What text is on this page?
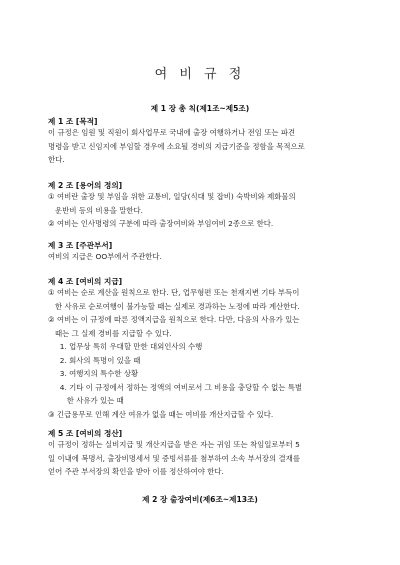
여 비 규 정
제 1 장 총 칙(제1조~제5조)
제 1 조 [목적]
이 규정은 임원 및 직원이 회사업무로 국내에 출장 여행하거나 전임 또는 파견
명령을 받고 신임지에 부임할 경우에 소요될 경비의 지급기준을 정함을 목적으로
한다.
제 2 조 [용어의 정의]
① 여비란 출장 및 부임을 위한 교통비, 일당(식대 및 잡비) 숙박비와 제화물의
운반비 등의 비용을 말한다.
② 여비는 인사명령의 구분에 따라 출장여비와 부임여비 2종으로 한다.
제 3 조 [주관부서]
여비의 지급은 OO부에서 주관한다.
제 4 조 [여비의 지급]
① 여비는 순로 계산을 원칙으로 한다. 단, 업무형편 또는 천재지변 기타 부득이
한 사유로 순로여행이 불가능할 때는 실제로 경과하는 노정에 따라 계산한다.
② 여비는 이 규정에 따른 정액지급을 원칙으로 한다. 다만, 다음의 사유가 있는
때는 그 실제 경비를 지급할 수 있다.
1. 업무상 특히 우대할 만한 대외인사의 수행
2. 회사의 특명이 있을 때
3. 여행지의 특수한 상황
4. 기타 이 규정에서 정하는 정액의 여비로서 그 비용을 충당할 수 없는 특별
한 사유가 있는 때
③ 긴급용무로 인해 계산 여유가 없을 때는 여비를 개산지급할 수 있다.
제 5 조 [여비의 정산]
이 규정이 정하는 실비지급 및 개산지급을 받은 자는 귀임 또는 착임일로부터 5
일 이내에 복명서, 출장비명세서 및 증빙서류를 첨부하여 소속 부서장의 결재를
얻어 주관 부서장의 확인을 받아 이를 정산하여야 한다.
제 2 장 출장여비(제6조~제13조)
